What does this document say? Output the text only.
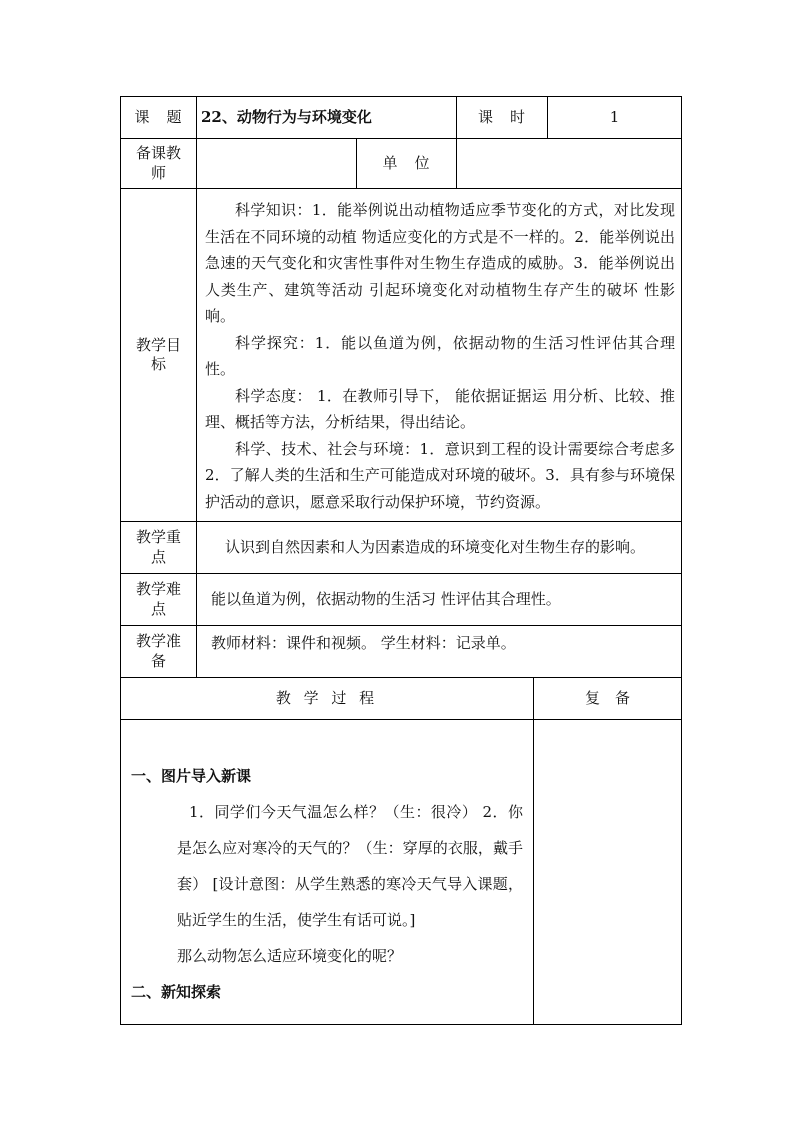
课　题	22、动物行为与环境变化		课　时		1
备课教师		单　位			
教学目标	科学知识：1．能举例说出动植物适应季节变化的方式，对比发现生活在不同环境的动植 物适应变化的方式是不一样的。2．能举例说出急速的天气变化和灾害性事件对生物生存造成的威胁。3．能举例说出人类生产、建筑等活动 引起环境变化对动植物生存产生的破坏 性影响。

科学探究：1．能以鱼道为例，依据动物的生活习性评估其合理性。

科学态度： 1．在教师引导下， 能依据证据运 用分析、比较、推理、概括等方法，分析结果，得出结论。

科学、技术、社会与环境：1．意识到工程的设计需要综合考虑多 2．了解人类的生活和生产可能造成对环境的破坏。3．具有参与环境保护活动的意识，愿意采取行动保护环境，节约资源。				

教学重点	认识到自然因素和人为因素造成的环境变化对生物生存的影响。				
教学难点	能以鱼道为例，依据动物的生活习 性评估其合理性。				
教学准备	教师材料：课件和视频。 学生材料：记录单。				
教 学 过 程				复　备	

一、图片导入新课

1．同学们今天气温怎么样？（生：很冷） 2．你是怎么应对寒冷的天气的？（生：穿厚的衣服，戴手套） [设计意图：从学生熟悉的寒冷天气导入课题，贴近学生的生活，使学生有话可说。]

那么动物怎么适应环境变化的呢？

二、新知探索					
